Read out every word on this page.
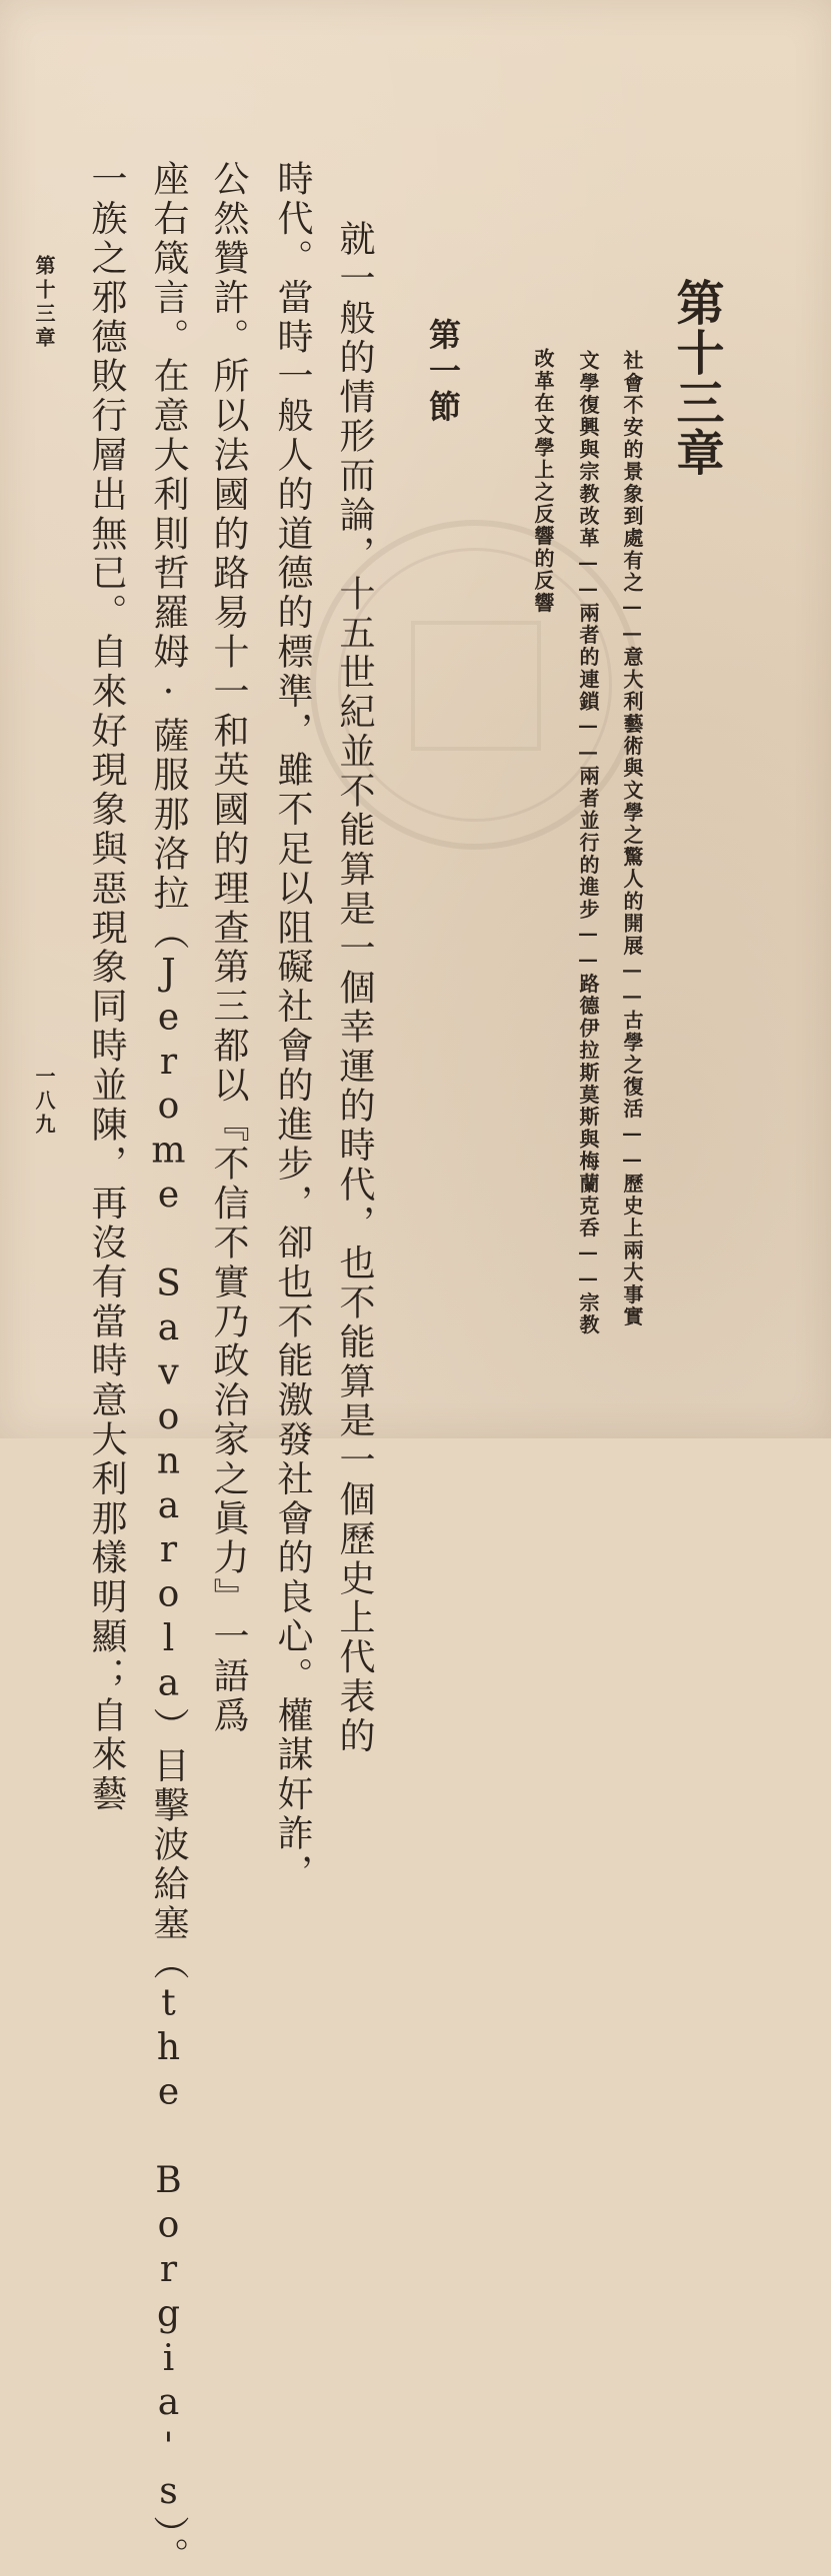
第十三章
社會不安的景象到處有之——意大利藝術與文學之驚人的開展——古學之復活——歷史上兩大事實
文學復興與宗教改革——兩者的連鎖——兩者並行的進步——路德伊拉斯莫斯與梅蘭克呑——宗教
改革在文學上之反響的反響
第一節
就一般的情形而論，十五世紀並不能算是一個幸運的時代，也不能算是一個歷史上代表的
時代。當時一般人的道德的標準，雖不足以阻礙社會的進步，卻也不能激發社會的良心。權謀奸詐，
公然贊許。所以法國的路易十一和英國的理查第三都以『不信不實乃政治家之眞力』一語爲
座右箴言。在意大利則哲羅姆·薩服那洛拉（Jerome Savonarola）目擊波給塞（the Borgia's）。
一族之邪德敗行層出無已。自來好現象與惡現象同時並陳，再沒有當時意大利那樣明顯；自來藝
第十三章
一八九
